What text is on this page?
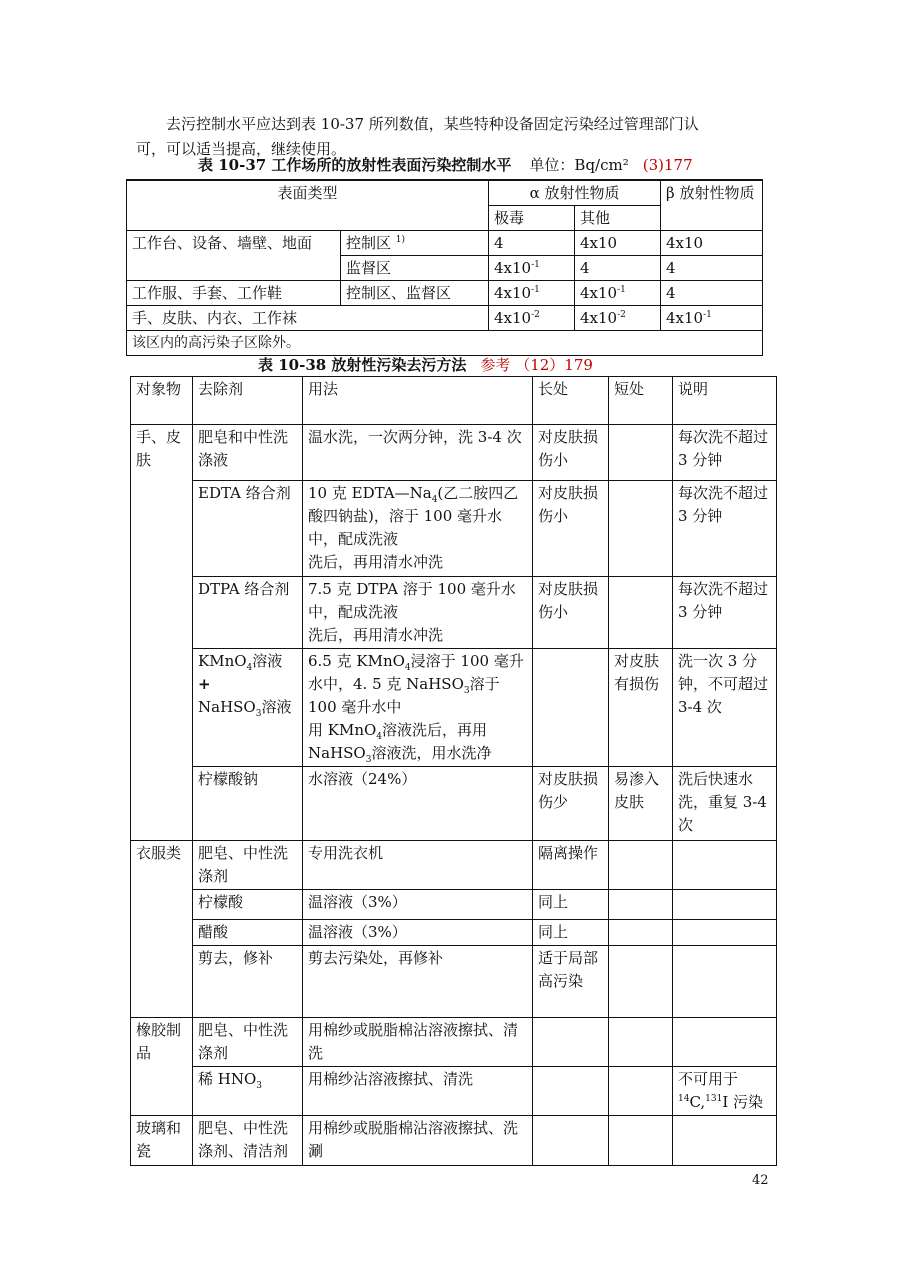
去污控制水平应达到表 10-37 所列数值，某些特种设备固定污染经过管理部门认

可，可以适当提高，继续使用。

表 10-37 工作场所的放射性表面污染控制水平 单位：Bq/cm² (3)177
表面类型		α 放射性物质		β 放射性物质
		极毒	其他	
工作台、设备、墙壁、地面	控制区 $^{1)}$	4	4x10	4x10
	监督区	$4x10^{-1}$	4	4
工作服、手套、工作鞋	控制区、监督区	$4x10^{-1}$	$4x10^{-1}$	4
手、皮肤、内衣、工作袜		$4x10^{-2}$	$4x10^{-2}$	$4x10^{-1}$
该区内的高污染子区除外。				
表 10-38 放射性污染去污方法 参考 （12）179
对象物	去除剂	用法	长处	短处	说明
手、皮肤	肥皂和中性洗涤液	温水洗，一次两分钟，洗 3-4 次	对皮肤损伤小		每次洗不超过 3 分钟
	EDTA 络合剂	10 克 $EDTA—Na_4$(乙二胺四乙酸四钠盐)，溶于 100 毫升水中，配成洗液
洗后，再用清水冲洗	对皮肤损伤小		每次洗不超过 3 分钟
	DTPA 络合剂	7.5 克 DTPA 溶于 100 毫升水中，配成洗液
洗后，再用清水冲洗	对皮肤损伤小		每次洗不超过 3 分钟
	KMnO$_4$溶液
+
NaHSO$_3$溶液	6.5 克 KMnO$_4$浸溶于 100 毫升水中，4. 5 克 NaHSO$_3$溶于 100 毫升水中
用 KMnO$_4$溶液洗后，再用 NaHSO$_3$溶液洗，用水洗净		对皮肤有损伤	洗一次 3 分钟，不可超过 3-4 次
	柠檬酸钠	水溶液（24%）	对皮肤损伤少	易渗入皮肤	洗后快速水洗，重复 3-4 次
衣服类	肥皂、中性洗涤剂	专用洗衣机	隔离操作		
	柠檬酸	温溶液（3%）	同上		
	醋酸	温溶液（3%）	同上		
	剪去，修补	剪去污染处，再修补	适于局部高污染		
橡胶制品	肥皂、中性洗涤剂	用棉纱或脱脂棉沾溶液擦拭、清洗			
	稀 $HNO_3$	用棉纱沾溶液擦拭、清洗			不可用于
$^{14}$C,$^{131}$I 污染
玻璃和瓷	肥皂、中性洗涤剂、清洁剂	用棉纱或脱脂棉沾溶液擦拭、洗涮			
42
